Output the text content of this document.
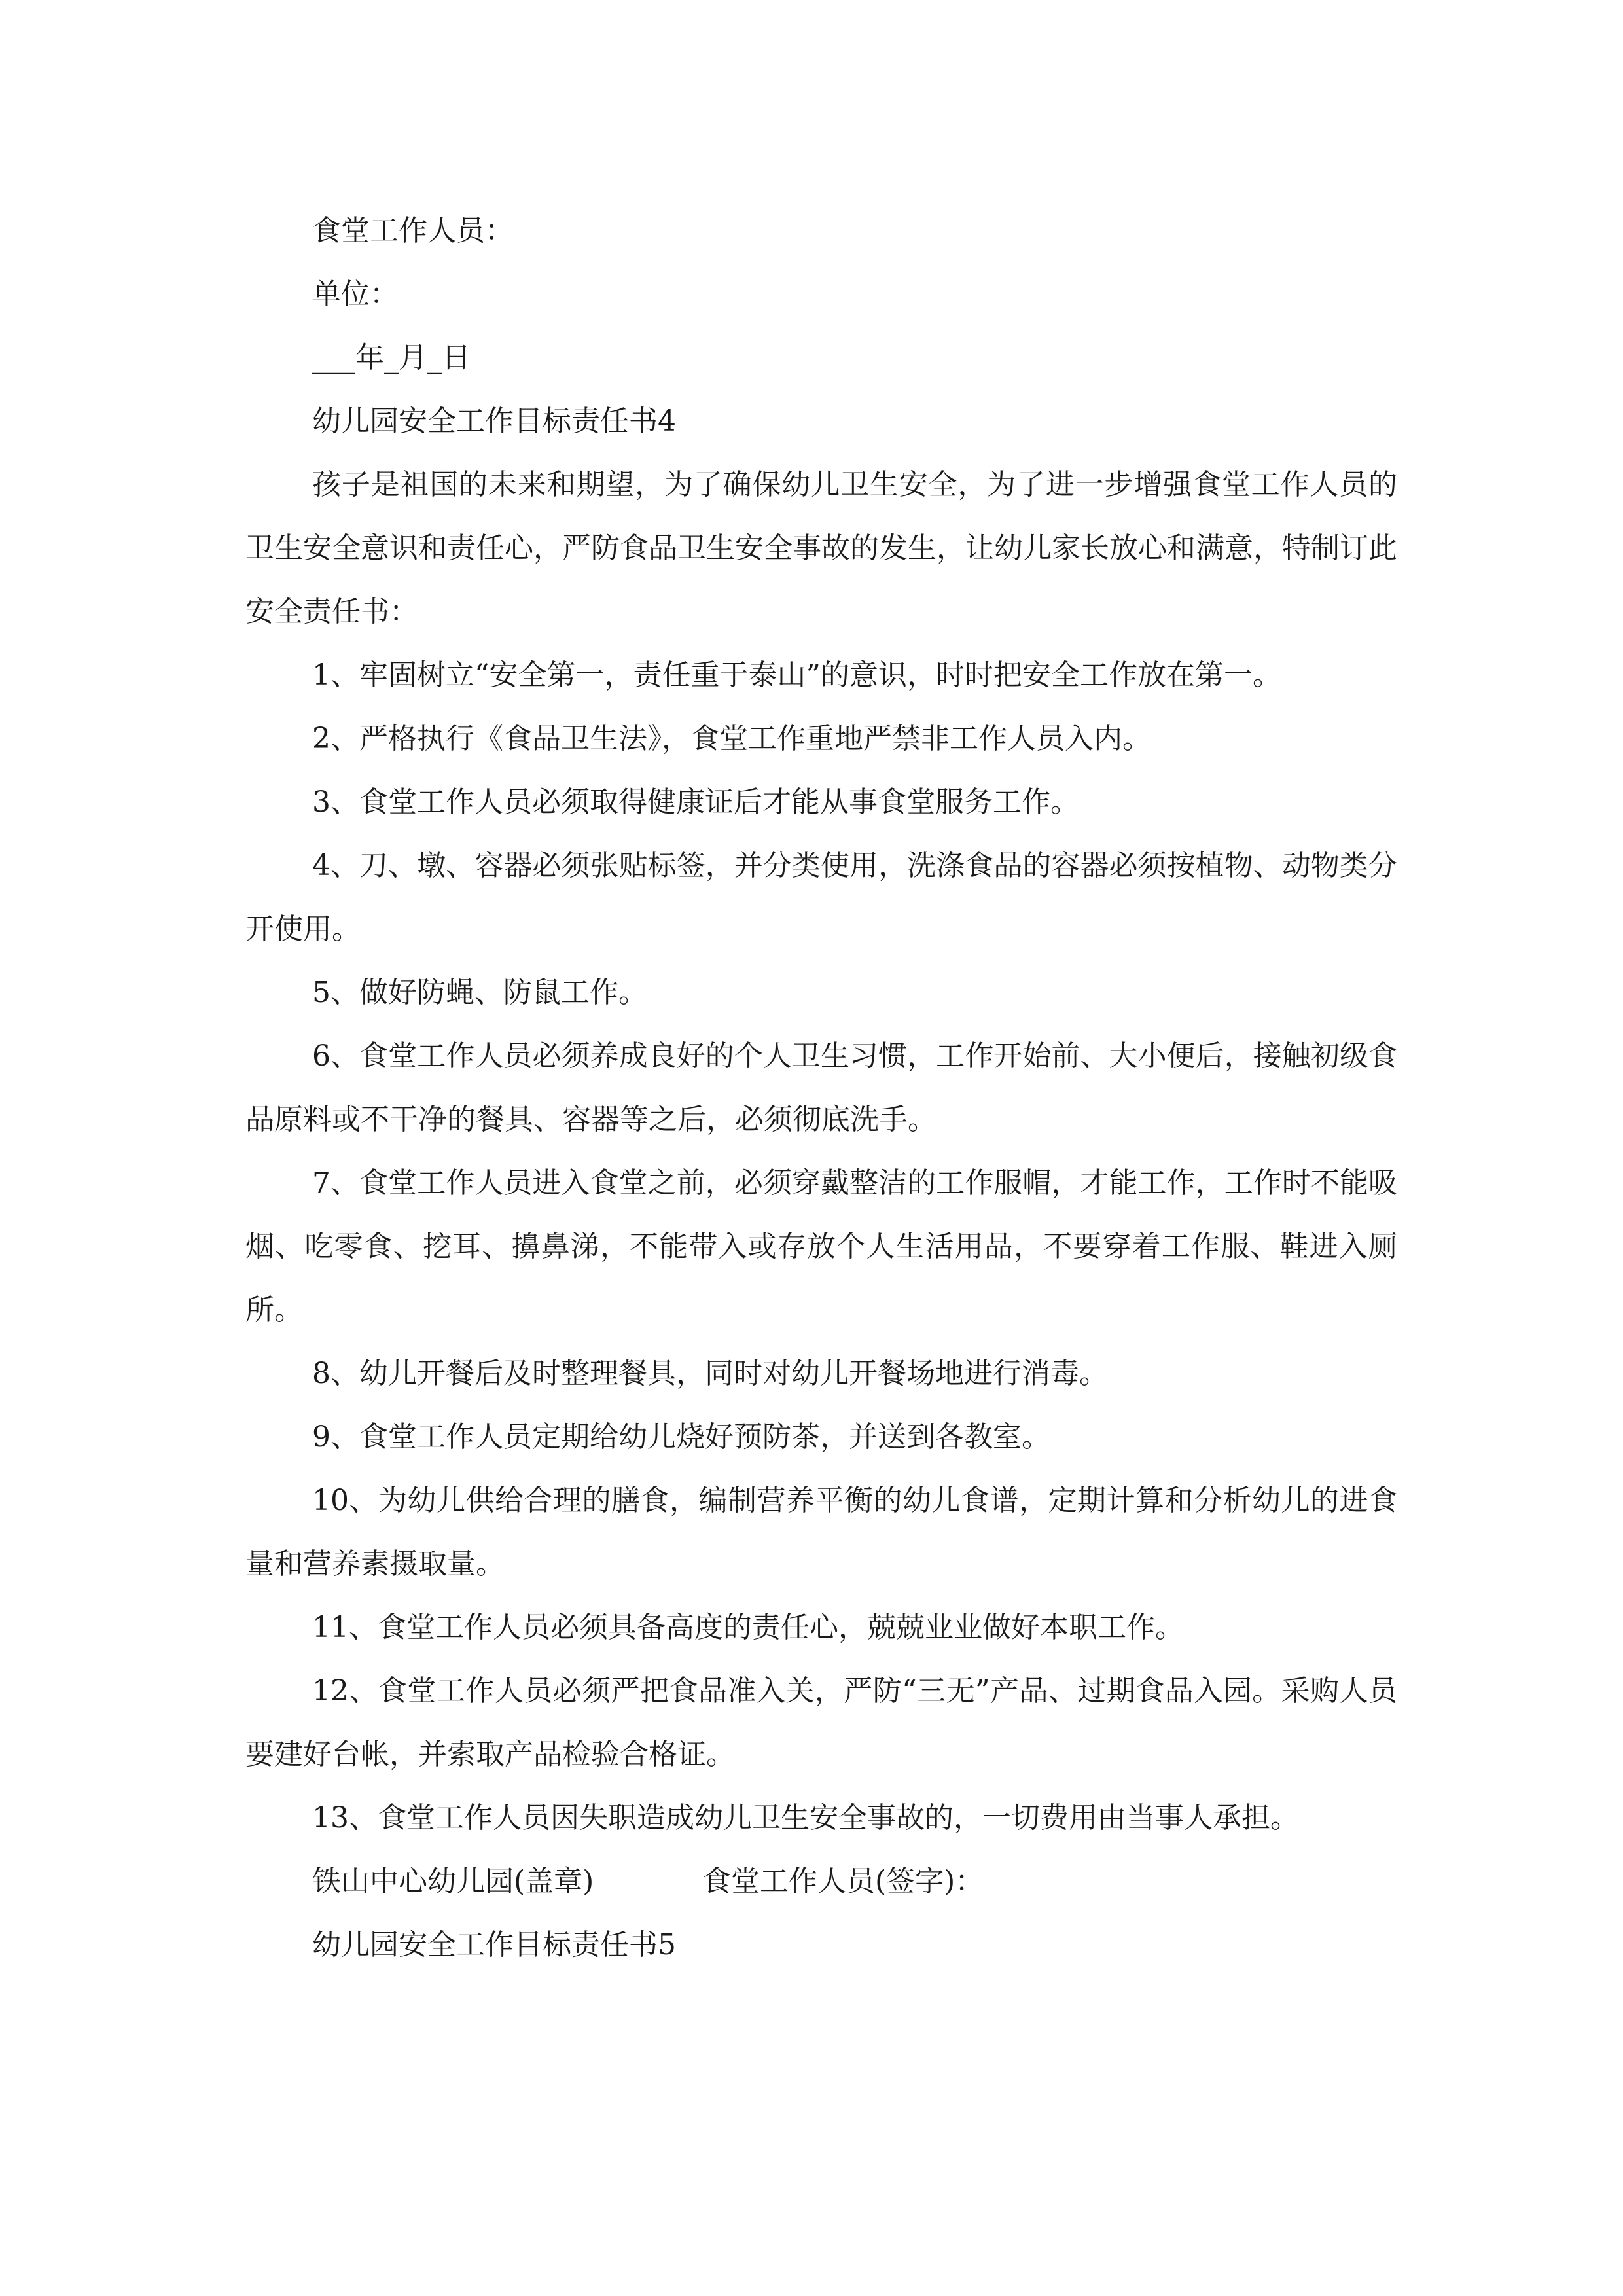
食堂工作人员：

单位：

___年_月_日

幼儿园安全工作目标责任书4

孩子是祖国的未来和期望，为了确保幼儿卫生安全，为了进一步增强食堂工作人员的卫生安全意识和责任心，严防食品卫生安全事故的发生，让幼儿家长放心和满意，特制订此安全责任书：

1、牢固树立“安全第一，责任重于泰山”的意识，时时把安全工作放在第一。

2、严格执行《食品卫生法》，食堂工作重地严禁非工作人员入内。

3、食堂工作人员必须取得健康证后才能从事食堂服务工作。

4、刀、墩、容器必须张贴标签，并分类使用，洗涤食品的容器必须按植物、动物类分开使用。

5、做好防蝇、防鼠工作。

6、食堂工作人员必须养成良好的个人卫生习惯，工作开始前、大小便后，接触初级食品原料或不干净的餐具、容器等之后，必须彻底洗手。

7、食堂工作人员进入食堂之前，必须穿戴整洁的工作服帽，才能工作，工作时不能吸烟、吃零食、挖耳、擤鼻涕，不能带入或存放个人生活用品，不要穿着工作服、鞋进入厕所。

8、幼儿开餐后及时整理餐具，同时对幼儿开餐场地进行消毒。

9、食堂工作人员定期给幼儿烧好预防茶，并送到各教室。

10、为幼儿供给合理的膳食，编制营养平衡的幼儿食谱，定期计算和分析幼儿的进食量和营养素摄取量。

11、食堂工作人员必须具备高度的责任心，兢兢业业做好本职工作。

12、食堂工作人员必须严把食品准入关，严防“三无”产品、过期食品入园。采购人员要建好台帐，并索取产品检验合格证。

13、食堂工作人员因失职造成幼儿卫生安全事故的，一切费用由当事人承担。

铁山中心幼儿园(盖章)	食堂工作人员(签字)：

幼儿园安全工作目标责任书5
